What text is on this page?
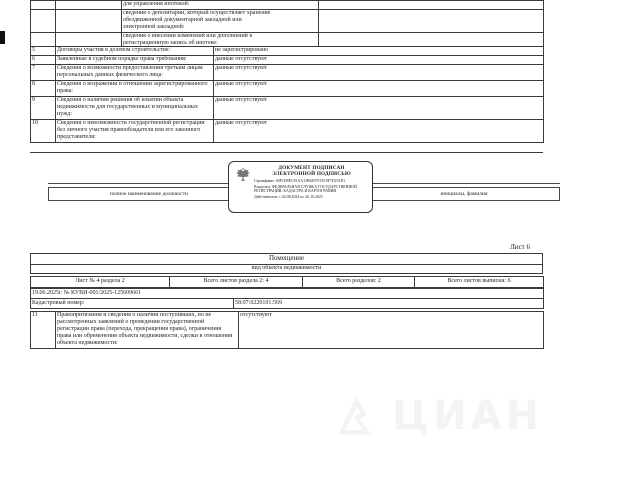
ЦИАН
		для управления ипотекой:	
		сведения о депозитарии, который осуществляет хранение обездвиженной документарной закладной или электронной закладной:	
		сведения о внесении изменений или дополнений в регистрационную запись об ипотеке:	
5	Договоры участия в долевом строительстве:	не зарегистрировано
6	Заявленные в судебном порядке права требования:	данные отсутствуют
7	Сведения о возможности предоставления третьим лицам персональных данных физического лица:	данные отсутствуют
8	Сведения о возражении в отношении зарегистрированного права:	данные отсутствуют
9	Сведения о наличии решения об изъятии объекта недвижимости для государственных и муниципальных нужд:	данные отсутствуют
10	Сведения о невозможности государственной регистрации без личного участия правообладателя или его законного представителя:	данные отсутствуют
полное наименование должности	инициалы, фамилия
ДОКУМЕНТ ПОДПИСАН
ЭЛЕКТРОННОЙ ПОДПИСЬЮ
Сертификат: 00F1D8EC81AA13B6497F1E19F7D231B1
Владелец: ФЕДЕРАЛЬНАЯ СЛУЖБА ГОСУДАРСТВЕННОЙ РЕГИСТРАЦИИ, КАДАСТРА И КАРТОГРАФИИ
Действителен: с 02.08.2024 по 26.10.2025
Лист 6
Помещение
вид объекта недвижимости
Лист № 4 раздела 2	Всего листов раздела 2: 4	Всего разделов: 2	Всего листов выписки: 6
19.06.2025г. № КУВИ-001/2025-125609661
Кадастровый номер:	58:07:0220101:569
11	Правопритязания и сведения о наличии поступивших, но не рассмотренных заявлений о проведении государственной регистрации права (перехода, прекращения права), ограничения права или обременения объекта недвижимости, сделки в отношении объекта недвижимости:	отсутствуют
